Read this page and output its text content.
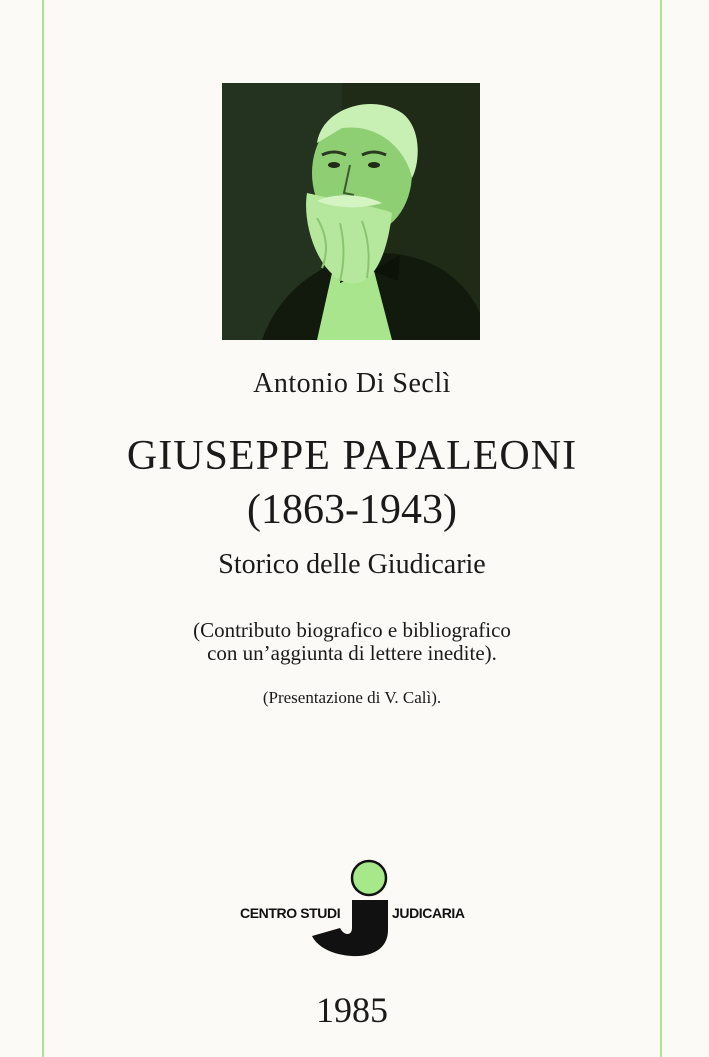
Antonio Di Seclì
GIUSEPPE PAPALEONI
(1863-1943)
Storico delle Giudicarie
(Contributo biografico e bibliografico
con un’aggiunta di lettere inedite).
(Presentazione di V. Calì).
CENTRO STUDI	JUDICARIA
1985
